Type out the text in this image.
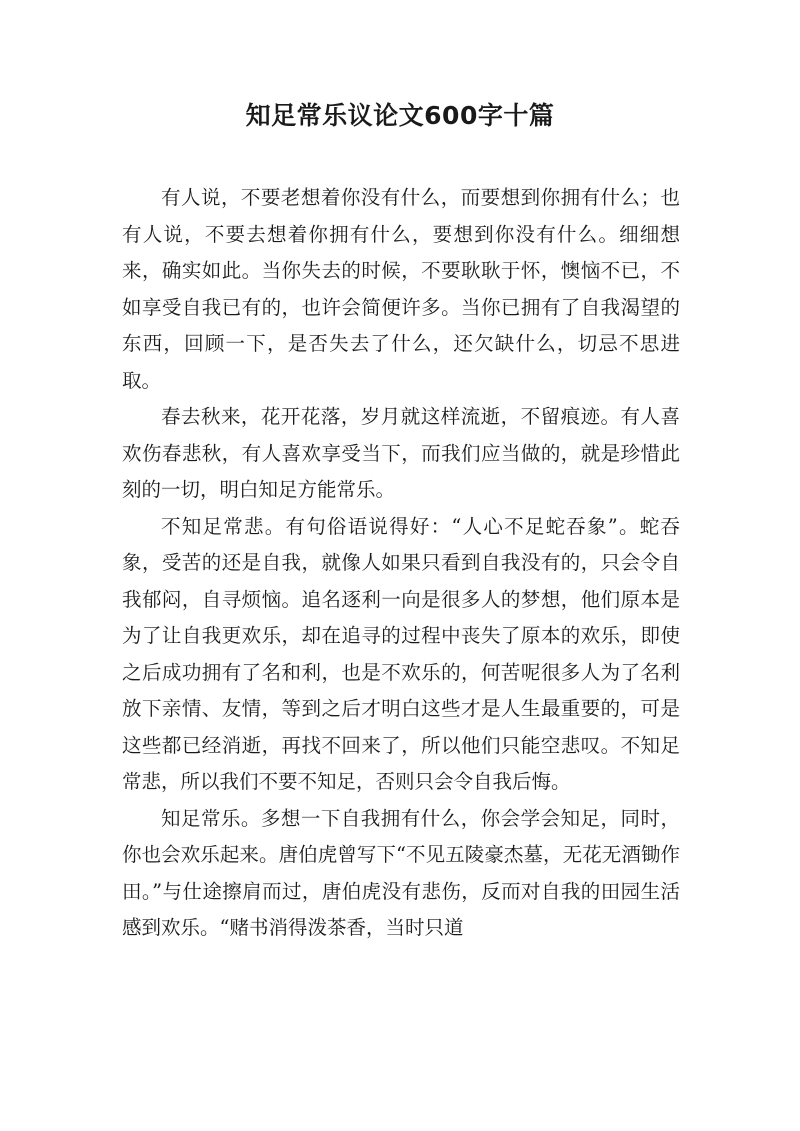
知足常乐议论文600字十篇

有人说，不要老想着你没有什么，而要想到你拥有什么；也有人说，不要去想着你拥有什么，要想到你没有什么。细细想来，确实如此。当你失去的时候，不要耿耿于怀，懊恼不已，不如享受自我已有的，也许会简便许多。当你已拥有了自我渴望的东西，回顾一下，是否失去了什么，还欠缺什么，切忌不思进取。

春去秋来，花开花落，岁月就这样流逝，不留痕迹。有人喜欢伤春悲秋，有人喜欢享受当下，而我们应当做的，就是珍惜此刻的一切，明白知足方能常乐。

不知足常悲。有句俗语说得好：“人心不足蛇吞象”。蛇吞象，受苦的还是自我，就像人如果只看到自我没有的，只会令自我郁闷，自寻烦恼。追名逐利一向是很多人的梦想，他们原本是为了让自我更欢乐，却在追寻的过程中丧失了原本的欢乐，即使之后成功拥有了名和利，也是不欢乐的，何苦呢很多人为了名利放下亲情、友情，等到之后才明白这些才是人生最重要的，可是这些都已经消逝，再找不回来了，所以他们只能空悲叹。不知足常悲，所以我们不要不知足，否则只会令自我后悔。

知足常乐。多想一下自我拥有什么，你会学会知足，同时，你也会欢乐起来。唐伯虎曾写下“不见五陵豪杰墓，无花无酒锄作田。”与仕途擦肩而过，唐伯虎没有悲伤，反而对自我的田园生活感到欢乐。“赌书消得泼茶香，当时只道
